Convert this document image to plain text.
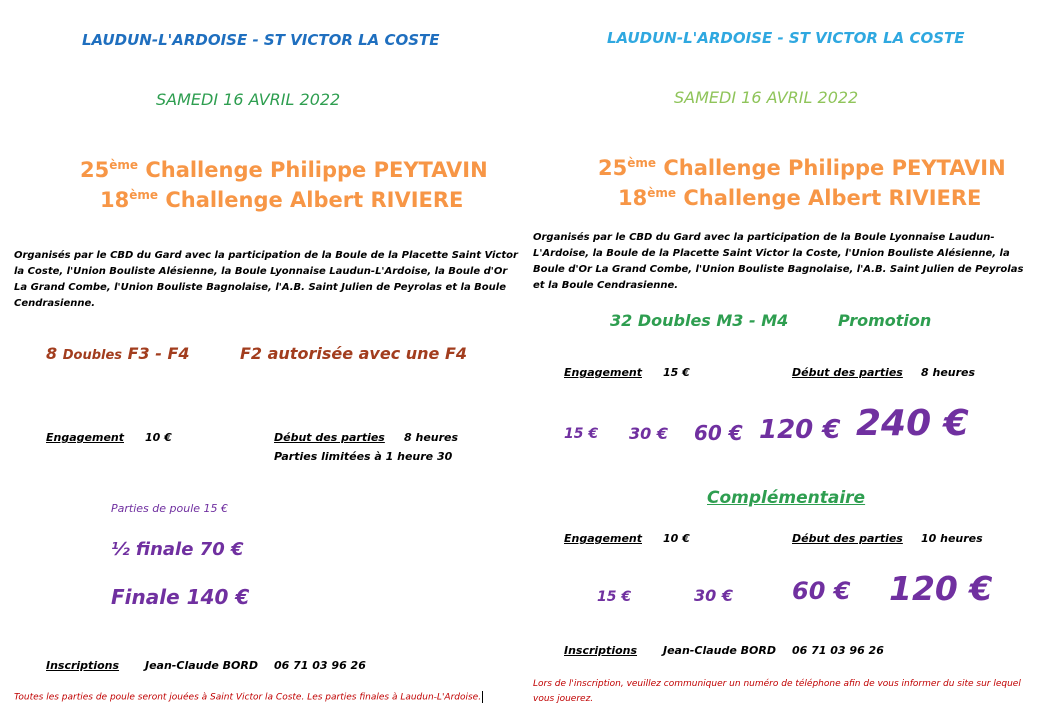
LAUDUN-L'ARDOISE - ST VICTOR LA COSTE
SAMEDI 16 AVRIL 2022
25ème Challenge Philippe PEYTAVIN
18ème Challenge Albert RIVIERE
Organisés par le CBD du Gard avec la participation de la Boule de la Placette Saint Victor la Coste, l'Union Bouliste Alésienne, la Boule Lyonnaise Laudun-L'Ardoise, la Boule d'Or La Grand Combe, l'Union Bouliste Bagnolaise, l'A.B. Saint Julien de Peyrolas et la Boule Cendrasienne.
8 Doubles F3 - F4	F2 autorisée avec une F4
Engagement 10 €	Début des parties 8 heures
Parties limitées à 1 heure 30
Parties de poule 15 €
½ finale 70 €
Finale 140 €
Inscriptions Jean-Claude BORD 06 71 03 96 26
Toutes les parties de poule seront jouées à Saint Victor la Coste. Les parties finales à Laudun-L'Ardoise.
LAUDUN-L'ARDOISE - ST VICTOR LA COSTE
SAMEDI 16 AVRIL 2022
25ème Challenge Philippe PEYTAVIN
18ème Challenge Albert RIVIERE
Organisés par le CBD du Gard avec la participation de la Boule Lyonnaise Laudun-L'Ardoise, la Boule de la Placette Saint Victor la Coste, l'Union Bouliste Alésienne, la Boule d'Or La Grand Combe, l'Union Bouliste Bagnolaise, l'A.B. Saint Julien de Peyrolas et la Boule Cendrasienne.
32 Doubles M3 - M4	Promotion
Engagement 15 €	Début des parties 8 heures
15 € 30 € 60 € 120 € 240 €
Complémentaire
Engagement 10 €	Début des parties 10 heures
15 €	30 € 60 € 120 €
Inscriptions Jean-Claude BORD 06 71 03 96 26
Lors de l'inscription, veuillez communiquer un numéro de téléphone afin de vous informer du site sur lequel vous jouerez.
